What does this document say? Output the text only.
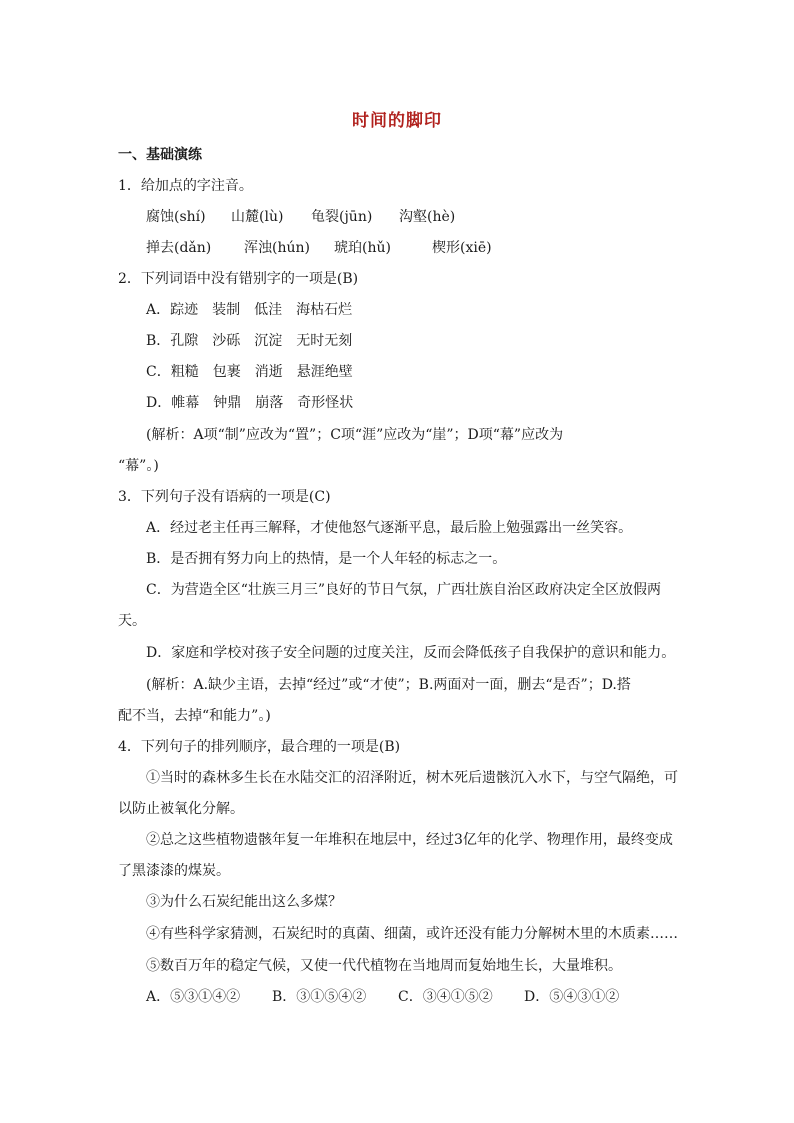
时间的脚印
一、基础演练
1．给加点的字注音。
腐蚀(shí) 山麓(lù) 龟裂(jūn) 沟壑(hè)
掸去(dǎn) 浑浊(hún) 琥珀(hǔ)	楔形(xiē)
2．下列词语中没有错别字的一项是(B)
A．踪迹　装制　低洼　海枯石烂
B．孔隙　沙砾　沉淀　无时无刻
C．粗糙　包裹　消逝　悬涯绝壁
D．帷幕　钟鼎　崩落　奇形怪状
(解析：A项“制”应改为“置”；C项“涯”应改为“崖”；D项“幕”应改为
“幕”。)
3．下列句子没有语病的一项是(C)
A．经过老主任再三解释，才使他怒气逐渐平息，最后脸上勉强露出一丝笑容。
B．是否拥有努力向上的热情，是一个人年轻的标志之一。
C．为营造全区“壮族三月三”良好的节日气氛，广西壮族自治区政府决定全区放假两
天。
D．家庭和学校对孩子安全问题的过度关注，反而会降低孩子自我保护的意识和能力。
(解析：A.缺少主语，去掉“经过”或“才使”；B.两面对一面，删去“是否”；D.搭
配不当，去掉“和能力”。)
4．下列句子的排列顺序，最合理的一项是(B)
①当时的森林多生长在水陆交汇的沼泽附近，树木死后遗骸沉入水下，与空气隔绝，可
以防止被氧化分解。
②总之这些植物遗骸年复一年堆积在地层中，经过3亿年的化学、物理作用，最终变成
了黑漆漆的煤炭。
③为什么石炭纪能出这么多煤？
④有些科学家猜测，石炭纪时的真菌、细菌，或许还没有能力分解树木里的木质素……
⑤数百万年的稳定气候，又使一代代植物在当地周而复始地生长，大量堆积。
A．⑤③①④② B．③①⑤④② C．③④①⑤② D．⑤④③①②
